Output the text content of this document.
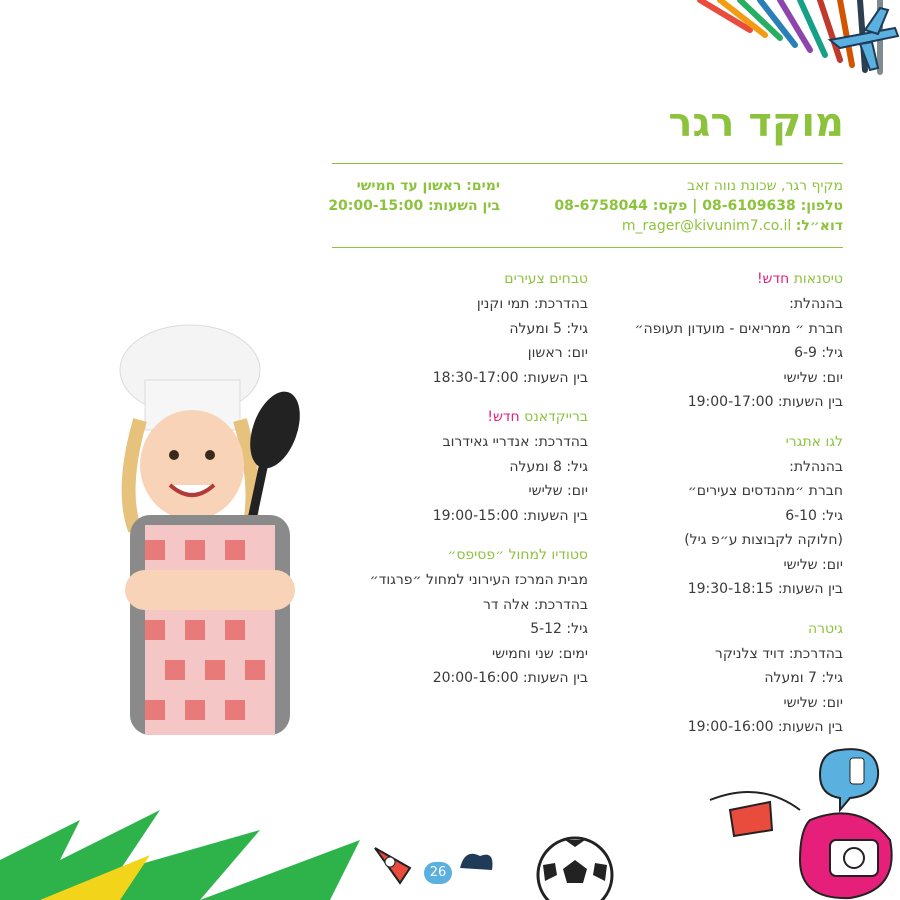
מוקד רגר
מקיף רגר, שכונת נווה זאב
טלפון: 08-6109638 | פקס: 08-6758044
דוא״ל: m_rager@kivunim7.co.il
ימים: ראשון עד חמישי
בין השעות: 20:00-15:00
טיסנאות חדש!
בהנהלת:
חברת ״ ממריאים - מועדון תעופה״
גיל: 6-9
יום: שלישי
בין השעות: 19:00-17:00
לגו אתגרי
בהנהלת:
חברת ״מהנדסים צעירים״
גיל: 6-10
(חלוקה לקבוצות ע״פ גיל)
יום: שלישי
בין השעות: 19:30-18:15
גיטרה
בהדרכת: דויד צלניקר
גיל: 7 ומעלה
יום: שלישי
בין השעות: 19:00-16:00
טבחים צעירים
בהדרכת: תמי וקנין
גיל: 5 ומעלה
יום: ראשון
בין השעות: 18:30-17:00
ברייקדאנס חדש!
בהדרכת: אנדריי גאידרוב
גיל: 8 ומעלה
יום: שלישי
בין השעות: 19:00-15:00
סטודיו למחול ״פסיפס״
מבית המרכז העירוני למחול ״פרגוד״
בהדרכת: אלה דר
גיל: 5-12
ימים: שני וחמישי
בין השעות: 20:00-16:00
26
